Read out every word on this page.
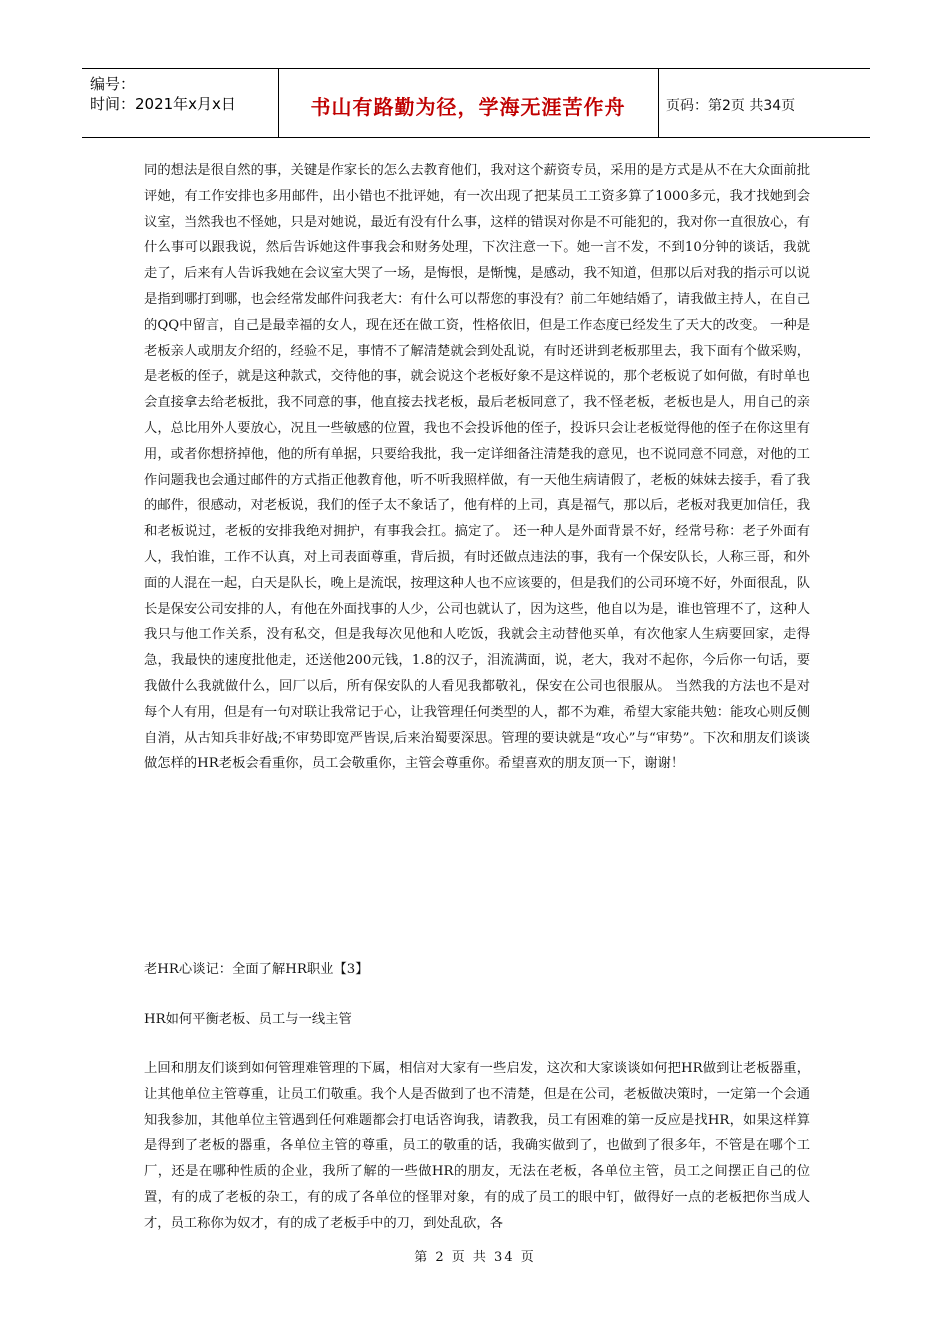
编号：
时间：2021年x月x日	书山有路勤为径，学海无涯苦作舟	页码：第2页 共34页

同的想法是很自然的事，关键是作家长的怎么去教育他们，我对这个薪资专员，采用的是方式是从不在大众面前批评她，有工作安排也多用邮件，出小错也不批评她，有一次出现了把某员工工资多算了1000多元，我才找她到会议室，当然我也不怪她，只是对她说，最近有没有什么事，这样的错误对你是不可能犯的，我对你一直很放心，有什么事可以跟我说，然后告诉她这件事我会和财务处理，下次注意一下。她一言不发，不到10分钟的谈话，我就走了，后来有人告诉我她在会议室大哭了一场，是悔恨，是惭愧，是感动，我不知道，但那以后对我的指示可以说是指到哪打到哪，也会经常发邮件问我老大：有什么可以帮您的事没有？前二年她结婚了，请我做主持人，在自己的QQ中留言，自己是最幸福的女人，现在还在做工资，性格依旧，但是工作态度已经发生了天大的改变。 一种是老板亲人或朋友介绍的，经验不足，事情不了解清楚就会到处乱说，有时还讲到老板那里去，我下面有个做采购，是老板的侄子，就是这种款式，交待他的事，就会说这个老板好象不是这样说的，那个老板说了如何做，有时单也会直接拿去给老板批，我不同意的事，他直接去找老板，最后老板同意了，我不怪老板，老板也是人，用自己的亲人，总比用外人要放心，况且一些敏感的位置，我也不会投诉他的侄子，投诉只会让老板觉得他的侄子在你这里有用，或者你想挤掉他，他的所有单据，只要给我批，我一定详细备注清楚我的意见，也不说同意不同意，对他的工作问题我也会通过邮件的方式指正他教育他，听不听我照样做，有一天他生病请假了，老板的妹妹去接手，看了我的邮件，很感动，对老板说，我们的侄子太不象话了，他有样的上司，真是福气，那以后，老板对我更加信任，我和老板说过，老板的安排我绝对拥护，有事我会扛。搞定了。 还一种人是外面背景不好，经常号称：老子外面有人，我怕谁，工作不认真，对上司表面尊重，背后损，有时还做点违法的事，我有一个保安队长，人称三哥，和外面的人混在一起，白天是队长，晚上是流氓，按理这种人也不应该要的，但是我们的公司环境不好，外面很乱，队长是保安公司安排的人，有他在外面找事的人少，公司也就认了，因为这些，他自以为是，谁也管理不了，这种人我只与他工作关系，没有私交，但是我每次见他和人吃饭，我就会主动替他买单，有次他家人生病要回家，走得急，我最快的速度批他走，还送他200元钱，1.8的汉子，泪流满面，说，老大，我对不起你，今后你一句话，要我做什么我就做什么，回厂以后，所有保安队的人看见我都敬礼，保安在公司也很服从。 当然我的方法也不是对每个人有用，但是有一句对联让我常记于心，让我管理任何类型的人，都不为难，希望大家能共勉：能攻心则反侧自消，从古知兵非好战;不审势即宽严皆误,后来治蜀要深思。管理的要诀就是“攻心”与“审势”。下次和朋友们谈谈做怎样的HR老板会看重你，员工会敬重你，主管会尊重你。希望喜欢的朋友顶一下，谢谢！

老HR心谈记：全面了解HR职业【3】
HR如何平衡老板、员工与一线主管

上回和朋友们谈到如何管理难管理的下属，相信对大家有一些启发，这次和大家谈谈如何把HR做到让老板器重，让其他单位主管尊重，让员工们敬重。我个人是否做到了也不清楚，但是在公司，老板做决策时，一定第一个会通知我参加，其他单位主管遇到任何难题都会打电话咨询我，请教我，员工有困难的第一反应是找HR，如果这样算是得到了老板的器重，各单位主管的尊重，员工的敬重的话，我确实做到了，也做到了很多年，不管是在哪个工厂，还是在哪种性质的企业，我所了解的一些做HR的朋友，无法在老板，各单位主管，员工之间摆正自己的位置，有的成了老板的杂工，有的成了各单位的怪罪对象，有的成了员工的眼中钉，做得好一点的老板把你当成人才，员工称你为奴才，有的成了老板手中的刀，到处乱砍，各

第 2 页 共 34 页
